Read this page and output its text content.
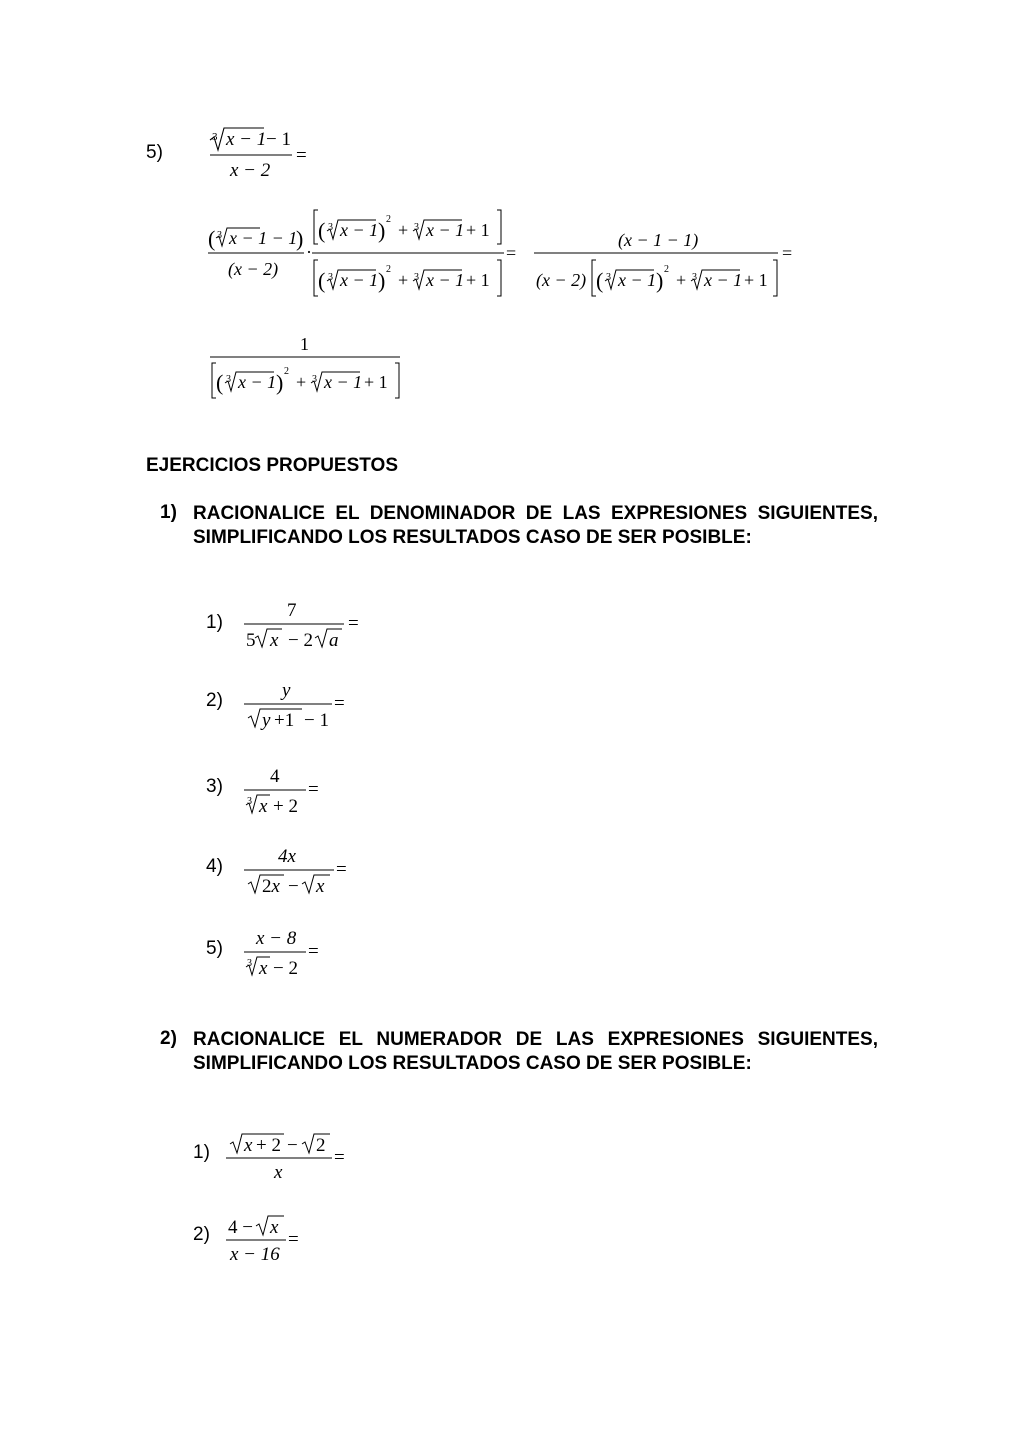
5)
3 x − 1 − 1
x − 2
=
( 3 x − 1 − 1
)
(x − 2)
·
( 3 x − 1 ) 2
+ 3 x − 1 + 1
( 3 x − 1 ) 2
+ 3 x − 1 + 1
=
(x − 1 − 1)
(x − 2) ( 3 x − 1 ) 2
+ 3 x − 1 + 1
=
1
( 3 x − 1 ) 2
+ 3 x − 1 + 1
EJERCICIOS PROPUESTOS
1) RACIONALICE EL DENOMINADOR DE LAS EXPRESIONES SIGUIENTES, SIMPLIFICANDO LOS RESULTADOS CASO DE SER POSIBLE:
1)
7
5 x − 2 a
=
2)	y
y +1 − 1
=
3) 4
3 x + 2
=
4)	4x
2x − x
=
5) x − 8
3 x − 2
=
2) RACIONALICE EL NUMERADOR DE LAS EXPRESIONES SIGUIENTES, SIMPLIFICANDO LOS RESULTADOS CASO DE SER POSIBLE:
1) x + 2 − 2
x
=
2) 4 − x
x − 16
=
